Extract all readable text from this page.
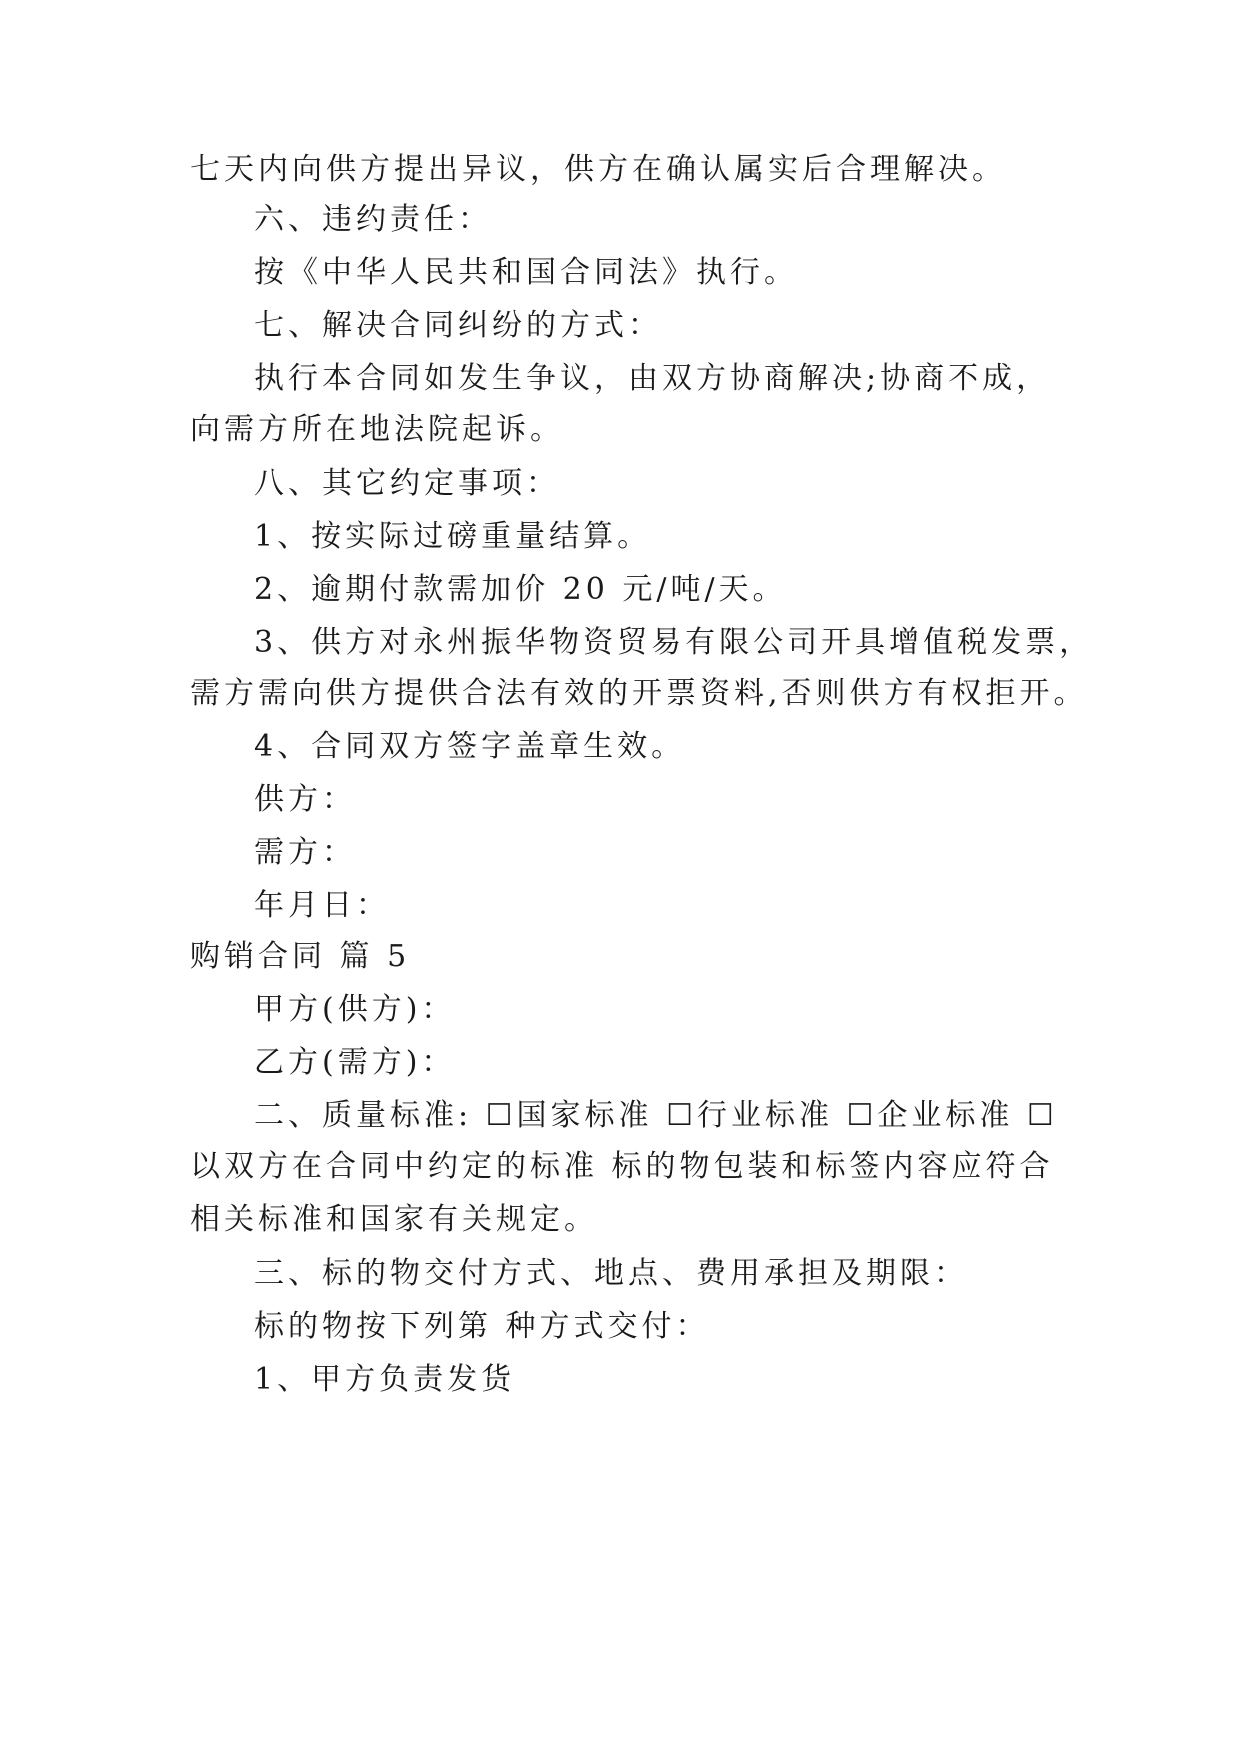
七天内向供方提出异议，供方在确认属实后合理解决。
六、违约责任：
按《中华人民共和国合同法》执行。
七、解决合同纠纷的方式：
执行本合同如发生争议，由双方协商解决;协商不成，
向需方所在地法院起诉。
八、其它约定事项：
1、按实际过磅重量结算。
2、逾期付款需加价 20 元/吨/天。
3、供方对永州振华物资贸易有限公司开具增值税发票，
需方需向供方提供合法有效的开票资料,否则供方有权拒开。
4、合同双方签字盖章生效。
供方：
需方：
年月日：
购销合同 篇 5
甲方(供方)：
乙方(需方)：
二、质量标准: ☐国家标准 ☐行业标准 ☐企业标准 ☐
以双方在合同中约定的标准 标的物包装和标签内容应符合
相关标准和国家有关规定。
三、标的物交付方式、地点、费用承担及期限：
标的物按下列第 种方式交付：
1、甲方负责发货
